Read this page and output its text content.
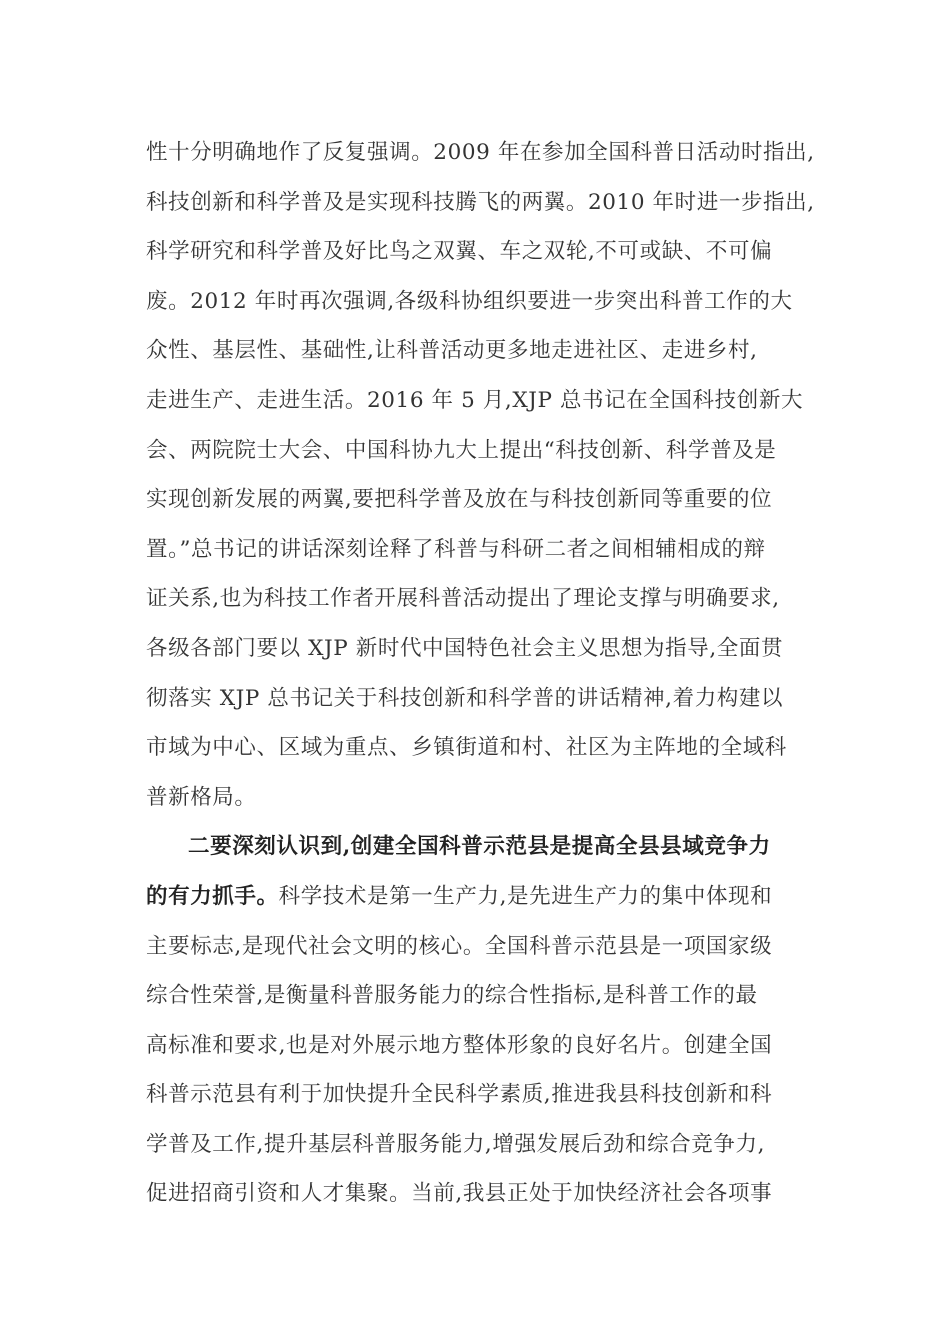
性十分明确地作了反复强调。2009 年在参加全国科普日活动时指出,
科技创新和科学普及是实现科技腾飞的两翼。2010 年时进一步指出,
科学研究和科学普及好比鸟之双翼、车之双轮,不可或缺、不可偏
废。2012 年时再次强调,各级科协组织要进一步突出科普工作的大
众性、基层性、基础性,让科普活动更多地走进社区、走进乡村,
走进生产、走进生活。2016 年 5 月,XJP 总书记在全国科技创新大
会、两院院士大会、中国科协九大上提出“科技创新、科学普及是
实现创新发展的两翼,要把科学普及放在与科技创新同等重要的位
置。”总书记的讲话深刻诠释了科普与科研二者之间相辅相成的辩
证关系,也为科技工作者开展科普活动提出了理论支撑与明确要求,
各级各部门要以 XJP 新时代中国特色社会主义思想为指导,全面贯
彻落实 XJP 总书记关于科技创新和科学普的讲话精神,着力构建以
市域为中心、区域为重点、乡镇街道和村、社区为主阵地的全域科
普新格局。
二要深刻认识到,创建全国科普示范县是提高全县县域竞争力
的有力抓手。科学技术是第一生产力,是先进生产力的集中体现和
主要标志,是现代社会文明的核心。全国科普示范县是一项国家级
综合性荣誉,是衡量科普服务能力的综合性指标,是科普工作的最
高标准和要求,也是对外展示地方整体形象的良好名片。创建全国
科普示范县有利于加快提升全民科学素质,推进我县科技创新和科
学普及工作,提升基层科普服务能力,增强发展后劲和综合竞争力,
促进招商引资和人才集聚。当前,我县正处于加快经济社会各项事
